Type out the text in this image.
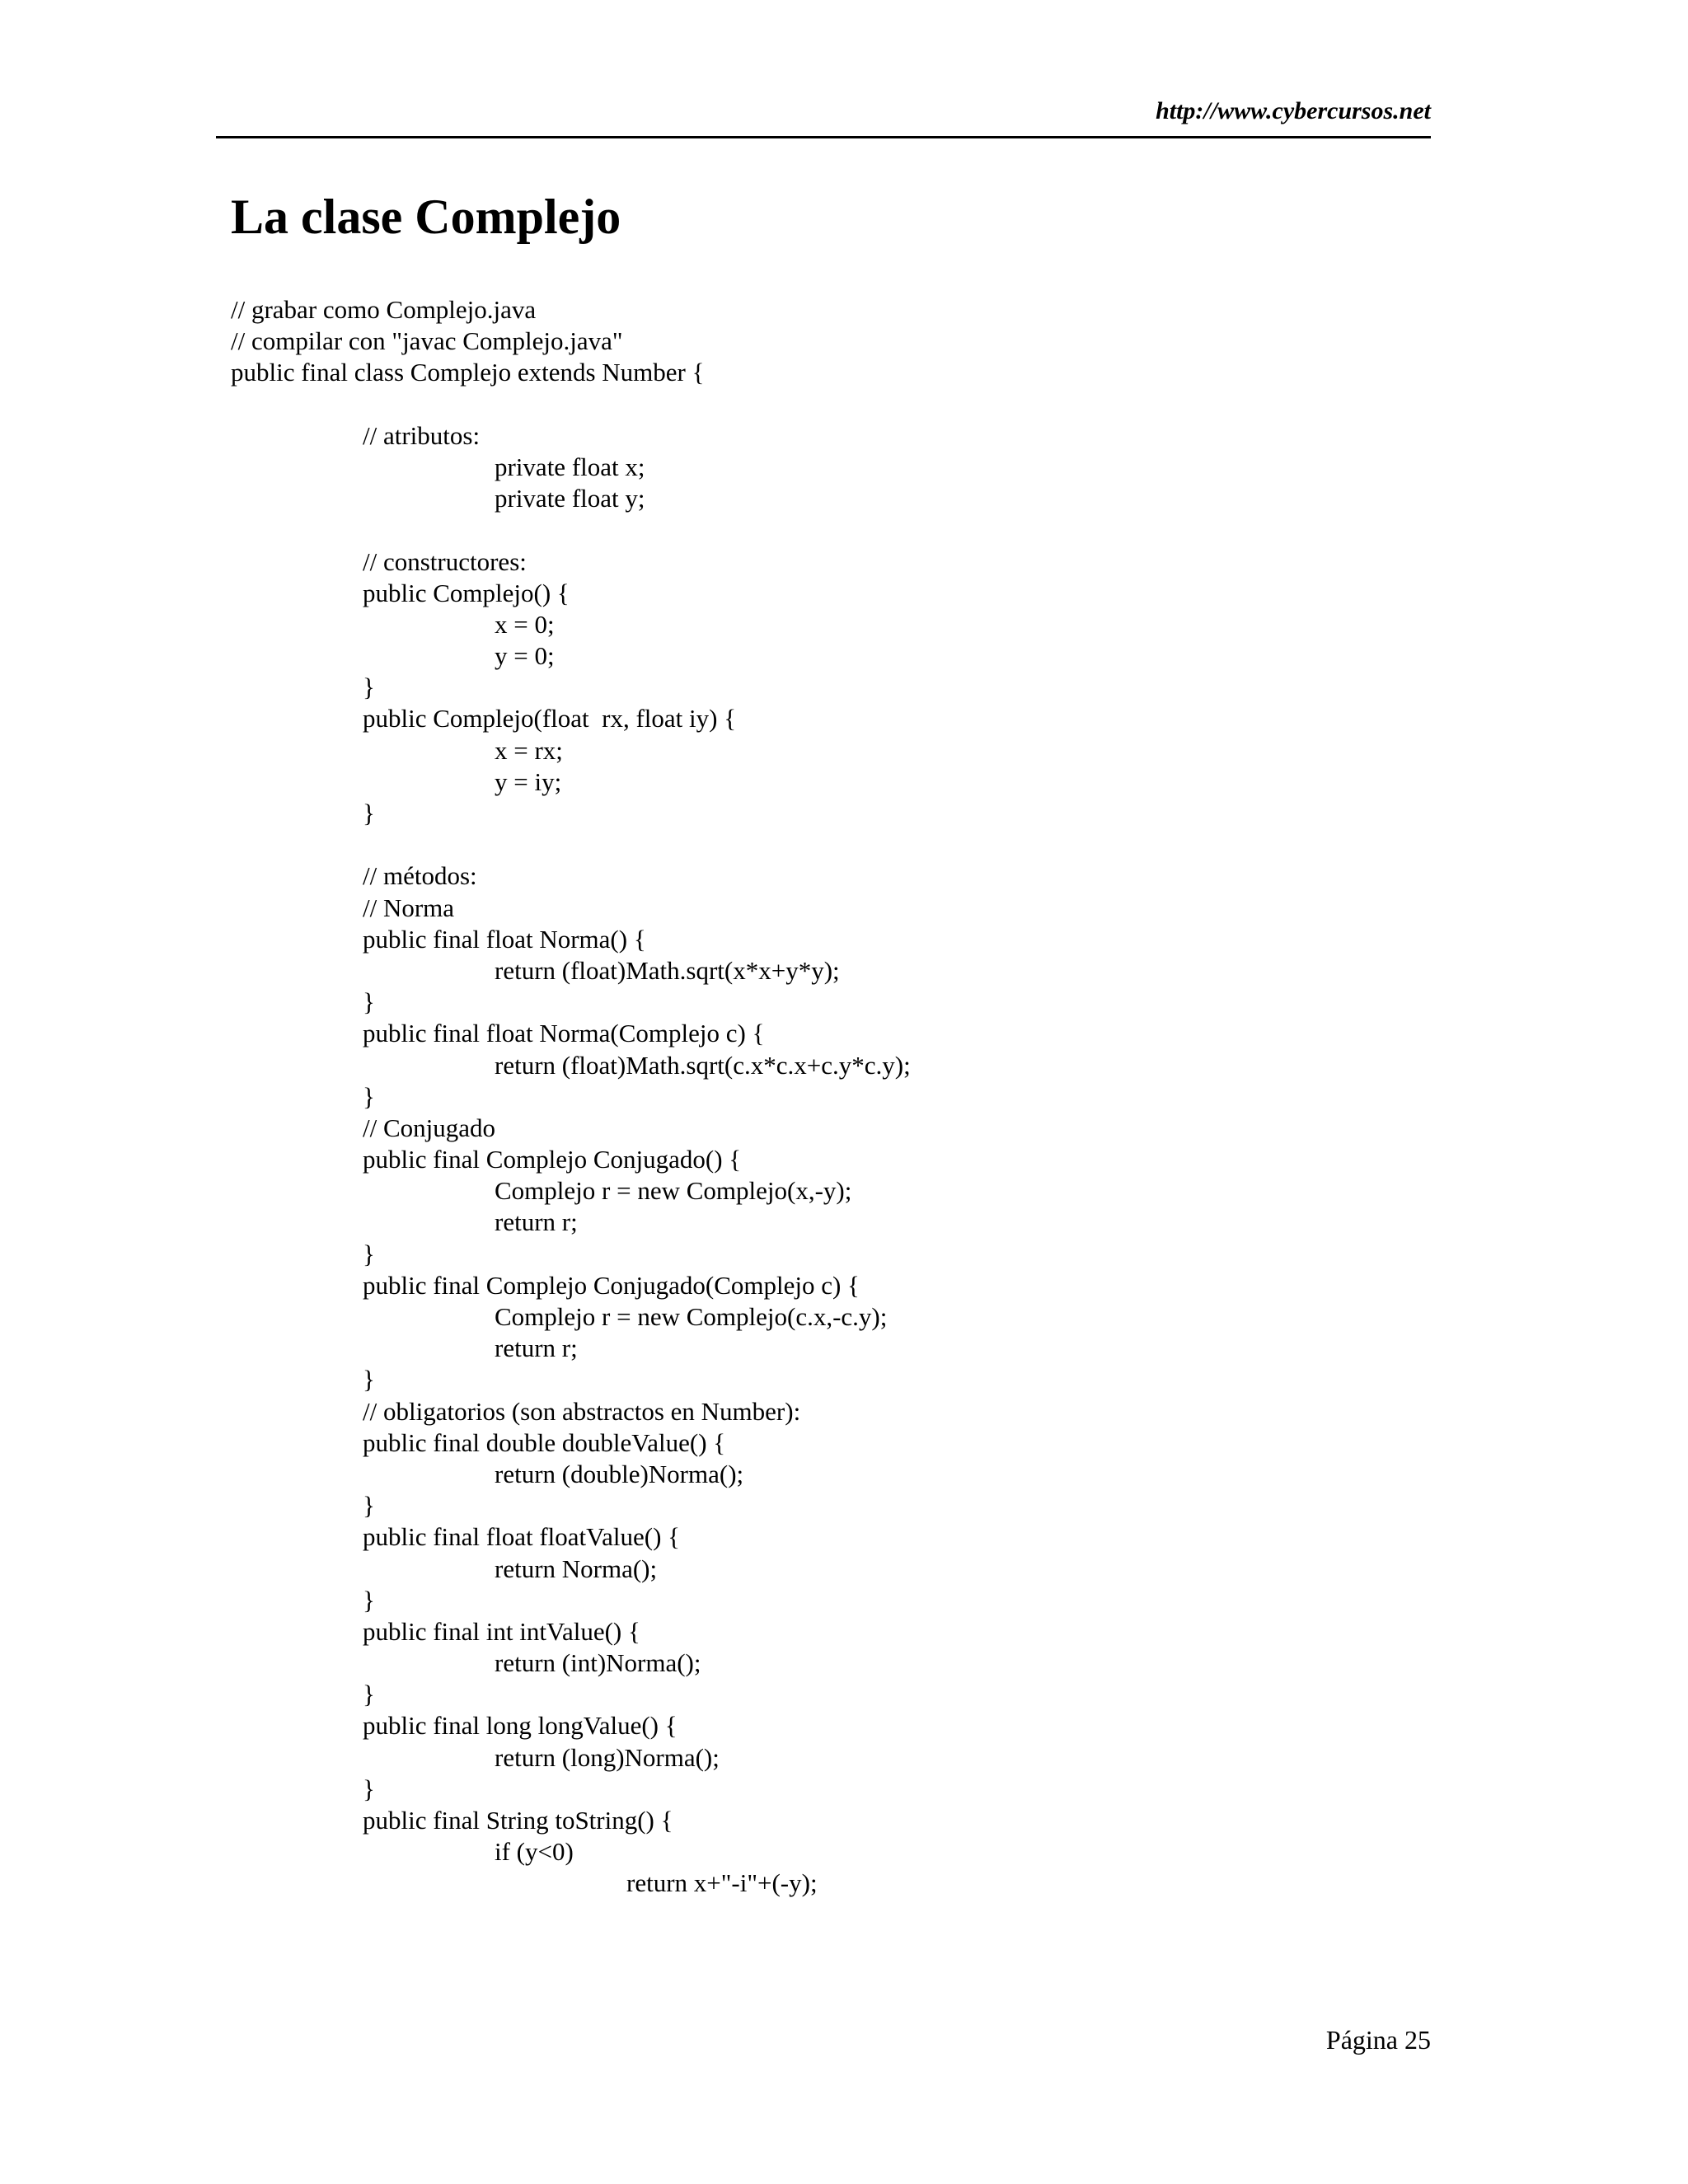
http://www.cybercursos.net
La clase Complejo
// grabar como Complejo.java
// compilar con "javac Complejo.java"
public final class Complejo extends Number {
// atributos:
private float x;
private float y;
// constructores:
public Complejo() {
x = 0;
y = 0;
}
public Complejo(float  rx, float iy) {
x = rx;
y = iy;
}
// métodos:
// Norma
public final float Norma() {
return (float)Math.sqrt(x*x+y*y);
}
public final float Norma(Complejo c) {
return (float)Math.sqrt(c.x*c.x+c.y*c.y);
}
// Conjugado
public final Complejo Conjugado() {
Complejo r = new Complejo(x,-y);
return r;
}
public final Complejo Conjugado(Complejo c) {
Complejo r = new Complejo(c.x,-c.y);
return r;
}
// obligatorios (son abstractos en Number):
public final double doubleValue() {
return (double)Norma();
}
public final float floatValue() {
return Norma();
}
public final int intValue() {
return (int)Norma();
}
public final long longValue() {
return (long)Norma();
}
public final String toString() {
if (y<0)
return x+"-i"+(-y);
Página 25
